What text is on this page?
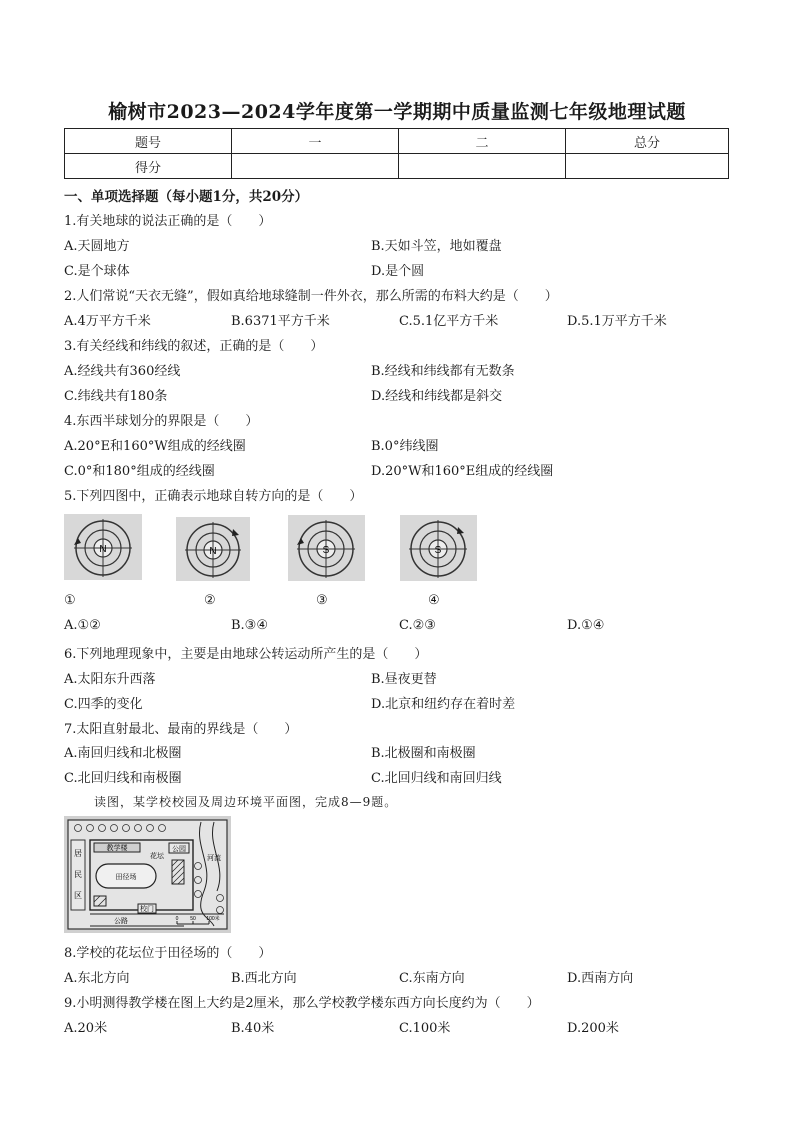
榆树市2023—2024学年度第一学期期中质量监测七年级地理试题
题号	一	二	总分
得分			
一、单项选择题（每小题1分，共20分）
1.有关地球的说法正确的是（　　）
A.天圆地方	B.天如斗笠，地如覆盘
C.是个球体	D.是个圆
2.人们常说“天衣无缝”，假如真给地球缝制一件外衣，那么所需的布料大约是（　　）
A.4万平方千米	B.6371平方千米	C.5.1亿平方千米	D.5.1万平方千米
3.有关经线和纬线的叙述，正确的是（　　）
A.经线共有360经线	B.经线和纬线都有无数条
C.纬线共有180条	D.经线和纬线都是斜交
4.东西半球划分的界限是（　　）
A.20°E和160°W组成的经线圈	B.0°纬线圈
C.0°和180°组成的经线圈	D.20°W和160°E组成的经线圈
5.下列四图中，正确表示地球自转方向的是（　　）
N	N	S	S
①	②	③	④
A.①②	B.③④	C.②③	D.①④
6.下列地理现象中，主要是由地球公转运动所产生的是（　　）
A.太阳东升西落	B.昼夜更替
C.四季的变化	D.北京和纽约存在着时差
7.太阳直射最北、最南的界线是（　　）
A.南回归线和北极圈	B.北极圈和南极圈
C.北回归线和南极圈	C.北回归线和南回归线
读图，某学校校园及周边环境平面图，完成8—9题。
居
民
区
教学楼
花坛
公园
田径场
校门
公路
河流
0 50 100米
8.学校的花坛位于田径场的（　　）
A.东北方向	B.西北方向	C.东南方向	D.西南方向
9.小明测得教学楼在图上大约是2厘米，那么学校教学楼东西方向长度约为（　　）
A.20米	B.40米	C.100米	D.200米
